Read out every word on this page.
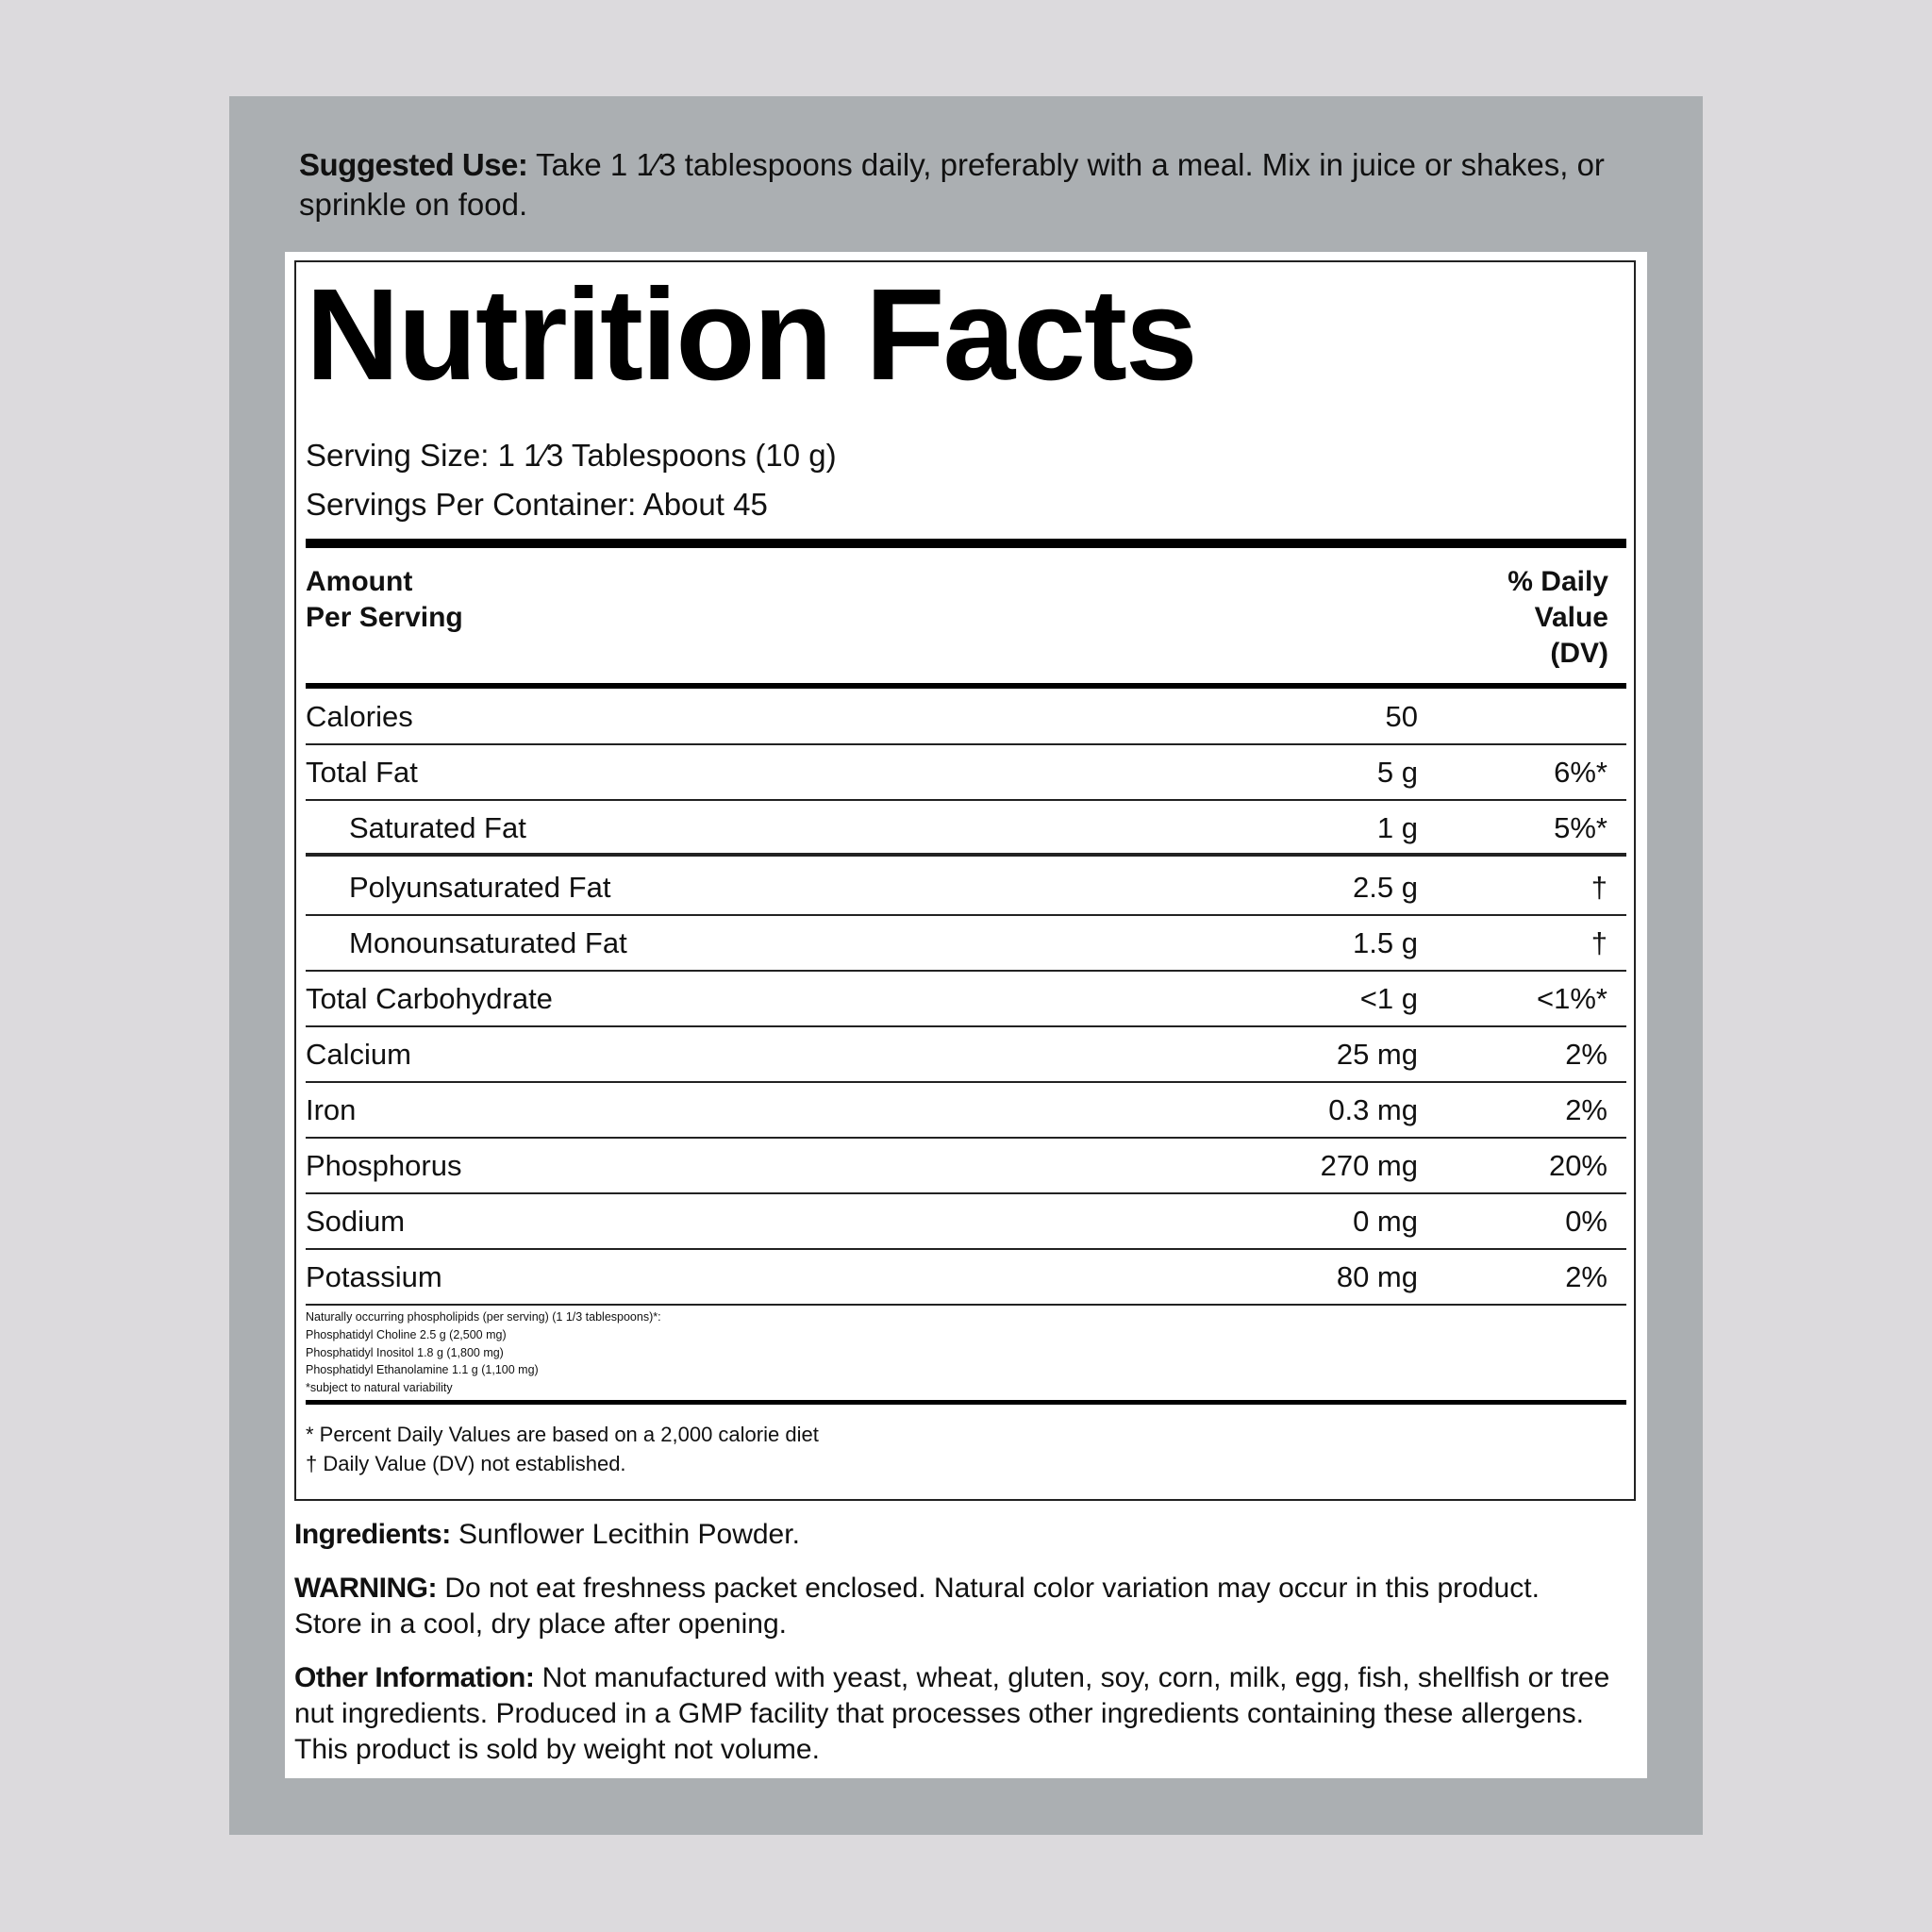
Suggested Use: Take 1 1⁄3 tablespoons daily, preferably with a meal. Mix in juice or shakes, or sprinkle on food.
Nutrition Facts
Serving Size: 1 1⁄3 Tablespoons (10 g)
Servings Per Container: About 45
Amount
Per Serving
% Daily
Value
(DV)
Calories	50
Total Fat	5 g	6%*
Saturated Fat	1 g	5%*
Polyunsaturated Fat	2.5 g	†
Monounsaturated Fat	1.5 g	†
Total Carbohydrate	<1 g	<1%*
Calcium	25 mg	2%
Iron	0.3 mg	2%
Phosphorus	270 mg	20%
Sodium	0 mg	0%
Potassium	80 mg	2%
Naturally occurring phospholipids (per serving) (1 1/3 tablespoons)*:
Phosphatidyl Choline 2.5 g (2,500 mg)
Phosphatidyl Inositol 1.8 g (1,800 mg)
Phosphatidyl Ethanolamine 1.1 g (1,100 mg)
*subject to natural variability
* Percent Daily Values are based on a 2,000 calorie diet
† Daily Value (DV) not established.
Ingredients: Sunflower Lecithin Powder.
WARNING: Do not eat freshness packet enclosed. Natural color variation may occur in this product.
Store in a cool, dry place after opening.
Other Information: Not manufactured with yeast, wheat, gluten, soy, corn, milk, egg, fish, shellfish or tree nut ingredients. Produced in a GMP facility that processes other ingredients containing these allergens. This product is sold by weight not volume.
